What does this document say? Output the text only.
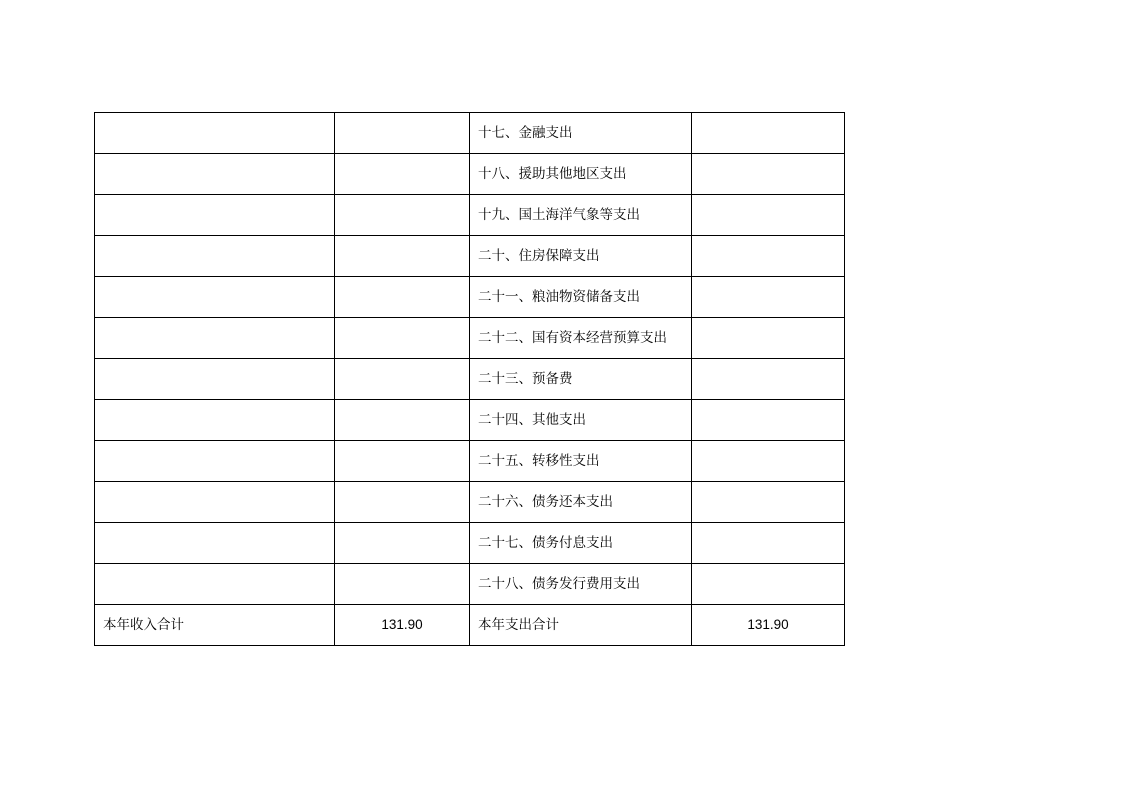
		十七、金融支出	
		十八、援助其他地区支出	
		十九、国土海洋气象等支出	
		二十、住房保障支出	
		二十一、粮油物资储备支出	
		二十二、国有资本经营预算支出	
		二十三、预备费	
		二十四、其他支出	
		二十五、转移性支出	
		二十六、债务还本支出	
		二十七、债务付息支出	
		二十八、债务发行费用支出	
本年收入合计	131.90	本年支出合计	131.90
